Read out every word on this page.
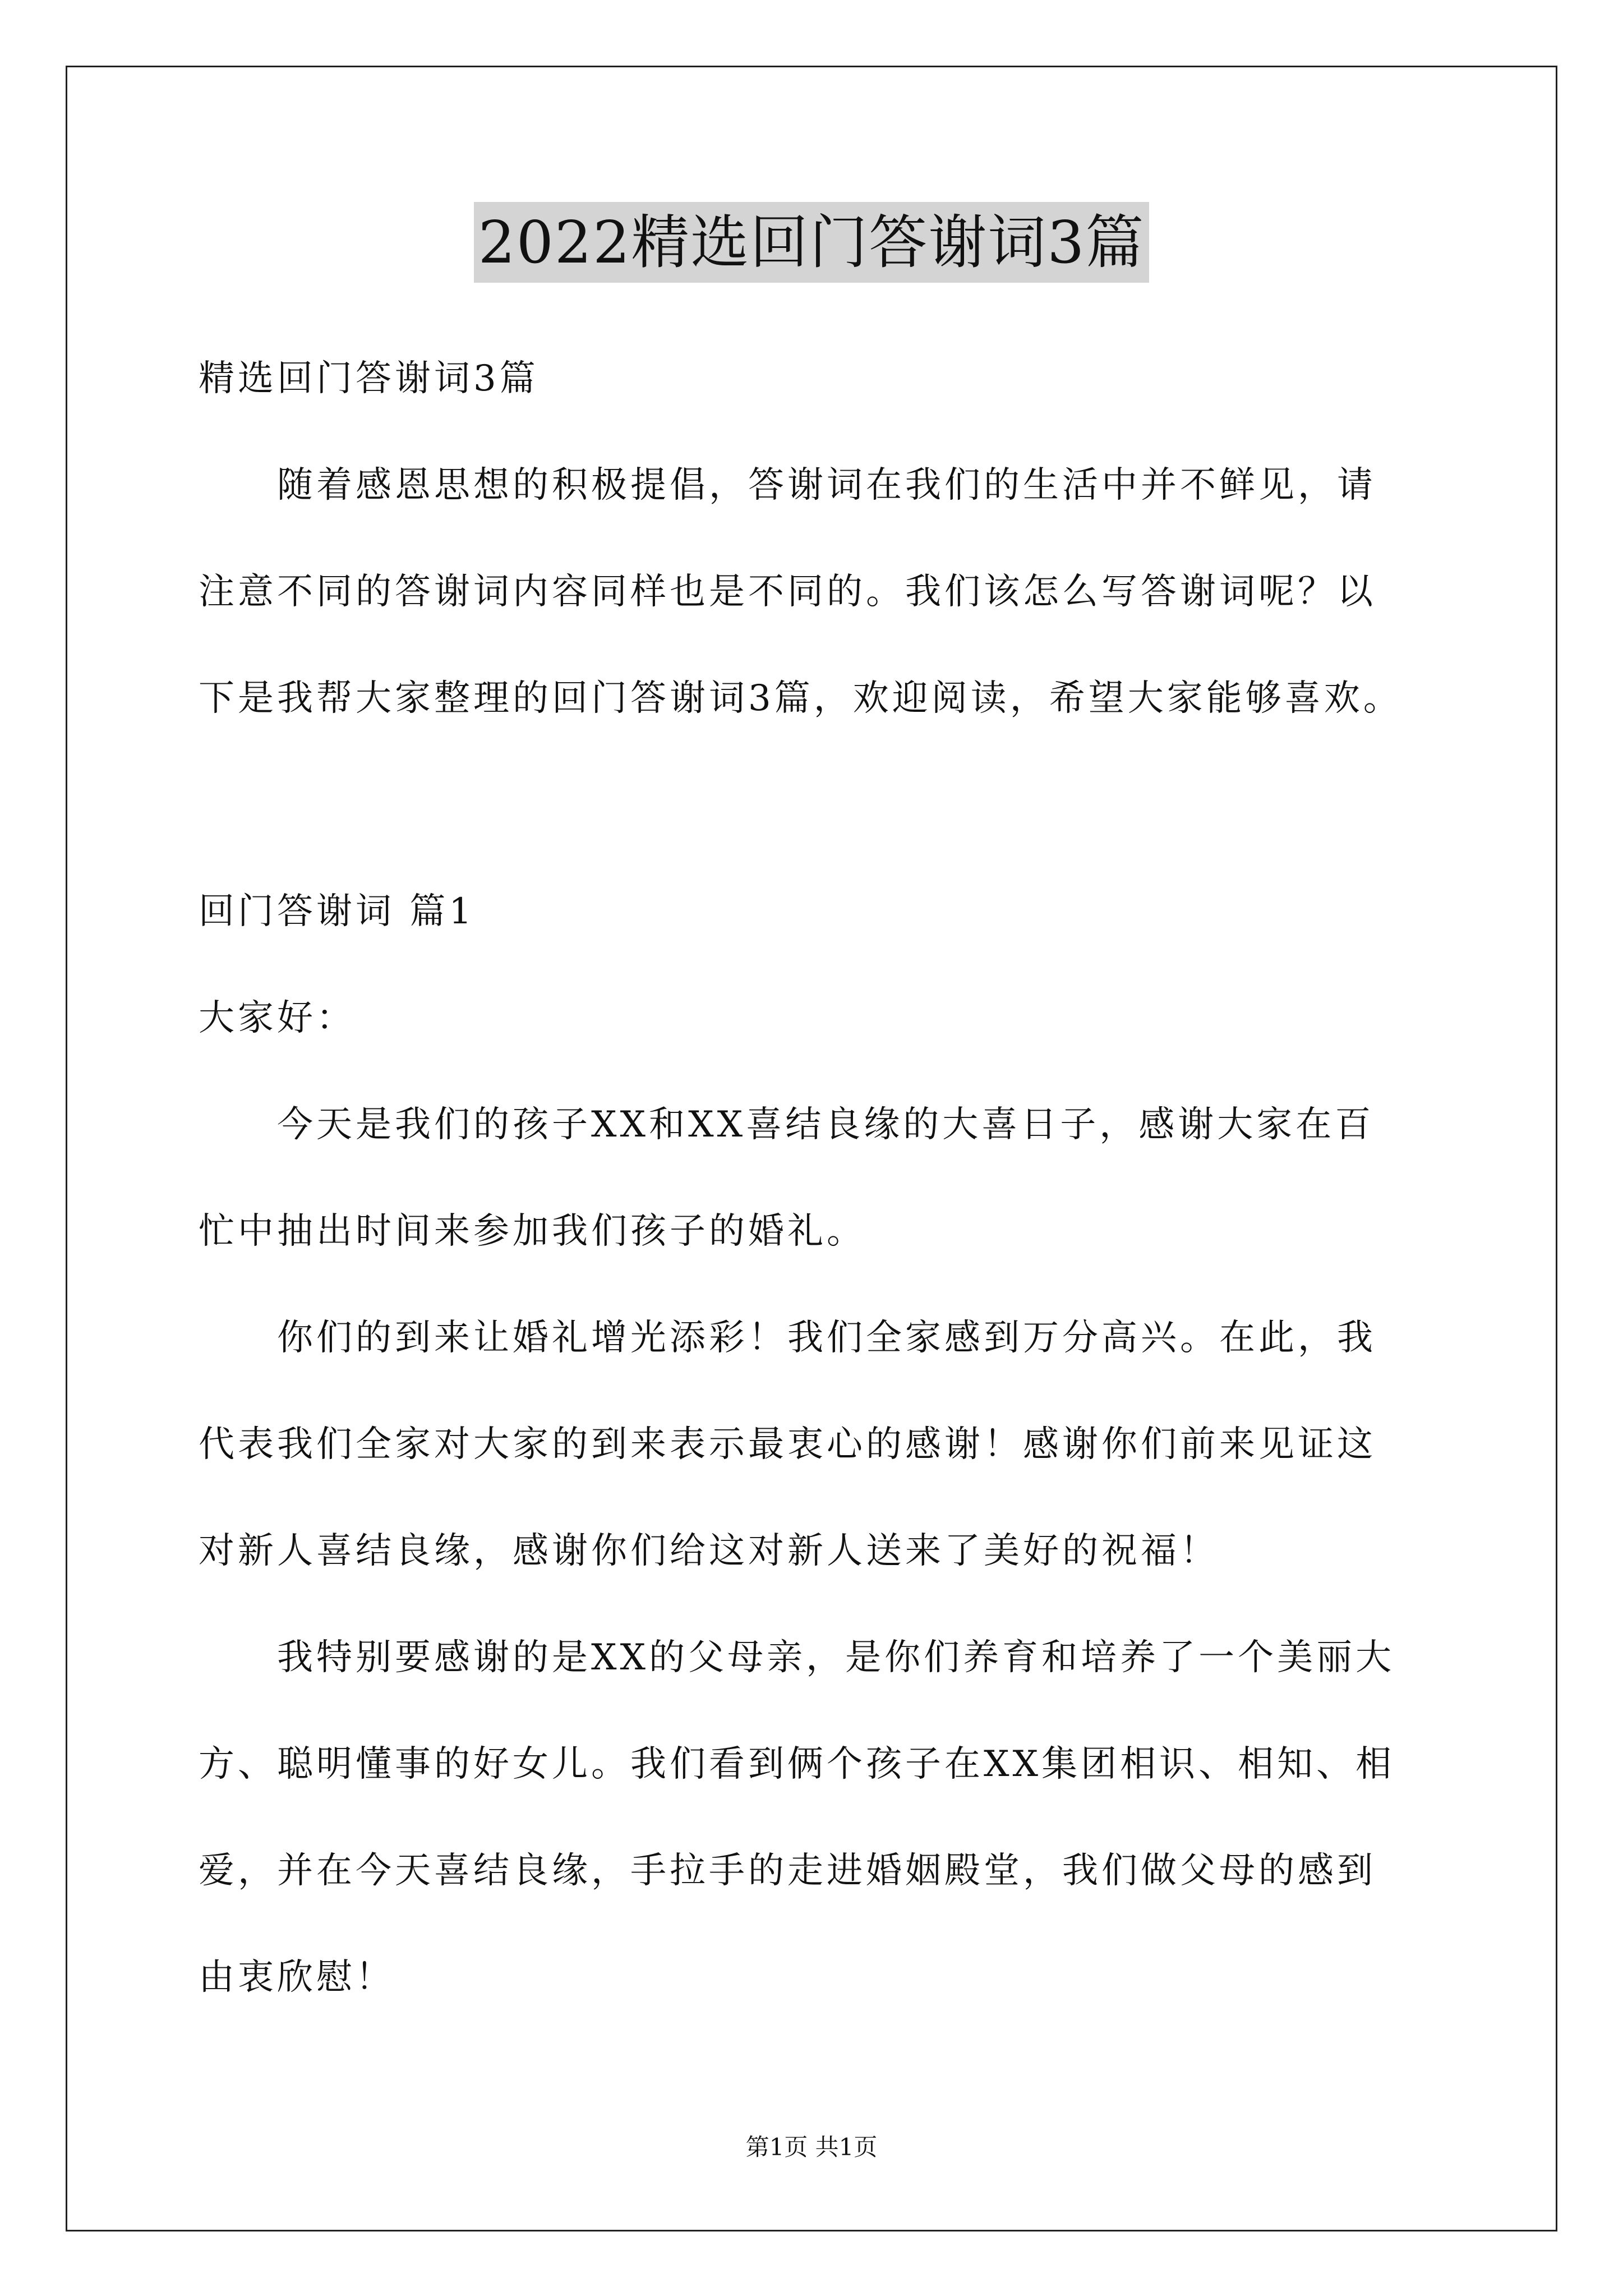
2022精选回门答谢词3篇
精选回门答谢词3篇
随着感恩思想的积极提倡，答谢词在我们的生活中并不鲜见，请
注意不同的答谢词内容同样也是不同的。我们该怎么写答谢词呢？以
下是我帮大家整理的回门答谢词3篇，欢迎阅读，希望大家能够喜欢。
回门答谢词 篇1
大家好：
今天是我们的孩子XX和XX喜结良缘的大喜日子，感谢大家在百
忙中抽出时间来参加我们孩子的婚礼。
你们的到来让婚礼增光添彩！我们全家感到万分高兴。在此，我
代表我们全家对大家的到来表示最衷心的感谢！感谢你们前来见证这
对新人喜结良缘，感谢你们给这对新人送来了美好的祝福！
我特别要感谢的是XX的父母亲，是你们养育和培养了一个美丽大
方、聪明懂事的好女儿。我们看到俩个孩子在XX集团相识、相知、相
爱，并在今天喜结良缘，手拉手的走进婚姻殿堂，我们做父母的感到
由衷欣慰！
第1页 共1页
